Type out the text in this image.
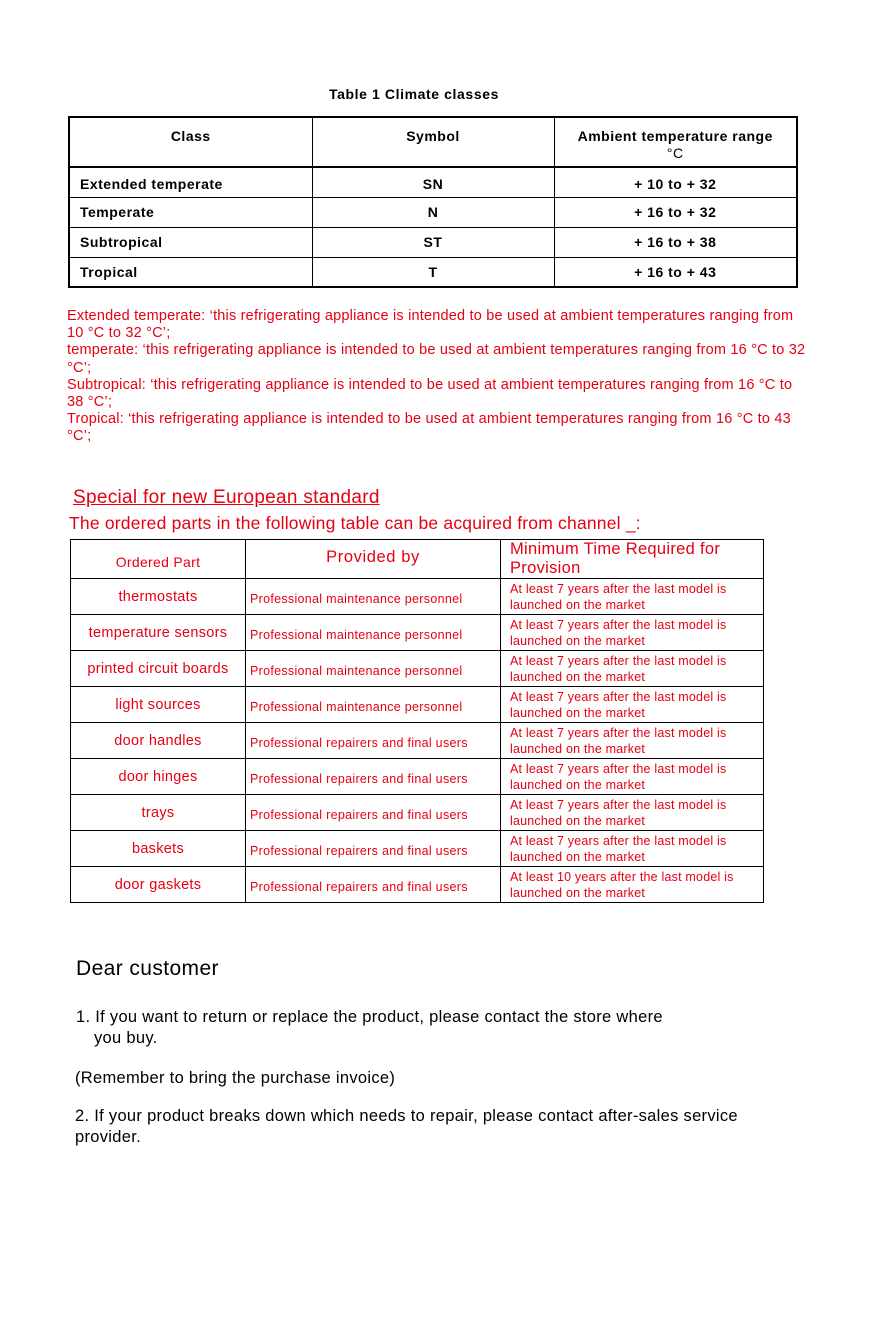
Table 1 Climate classes
Class	Symbol	Ambient temperature range
°C

Extended temperate	SN	+ 10 to + 32
Temperate	N	+ 16 to + 32
Subtropical	ST	+ 16 to + 38
Tropical	T	+ 16 to + 43

Extended temperate: ‘this refrigerating appliance is intended to be used at ambient temperatures ranging from 10 °C to 32 °C’;

temperate: ‘this refrigerating appliance is intended to be used at ambient temperatures ranging from 16 °C to 32 °C’;

Subtropical: ‘this refrigerating appliance is intended to be used at ambient temperatures ranging from 16 °C to 38 °C’;

Tropical: ‘this refrigerating appliance is intended to be used at ambient temperatures ranging from 16 °C to 43 °C’;

Special for new European standard
The ordered parts in the following table can be acquired from channel _:
Ordered Part	Provided by	Minimum Time Required for Provision
thermostats	Professional maintenance personnel	At least 7 years after the last model is launched on the market
temperature sensors	Professional maintenance personnel	At least 7 years after the last model is launched on the market
printed circuit boards	Professional maintenance personnel	At least 7 years after the last model is launched on the market
light sources	Professional maintenance personnel	At least 7 years after the last model is launched on the market
door handles	Professional repairers and final users	At least 7 years after the last model is launched on the market
door hinges	Professional repairers and final users	At least 7 years after the last model is launched on the market
trays	Professional repairers and final users	At least 7 years after the last model is launched on the market
baskets	Professional repairers and final users	At least 7 years after the last model is launched on the market
door gaskets	Professional repairers and final users	At least 10 years after the last model is launched on the market
Dear customer
1. If you want to return or replace the product, please contact the store where
you buy.
(Remember to bring the purchase invoice)
2. If your product breaks down which needs to repair, please contact after-sales service provider.
